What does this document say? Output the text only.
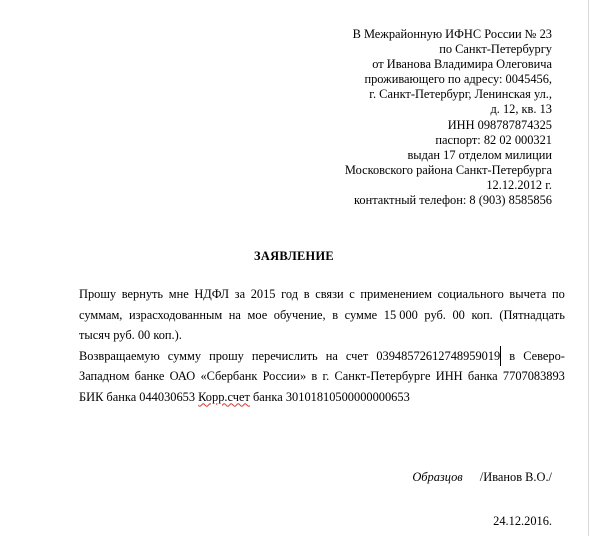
В Межрайонную ИФНС России № 23
по Санкт-Петербургу
от Иванова Владимира Олеговича
проживающего по адресу: 0045456,
г. Санкт-Петербург, Ленинская ул.,
д. 12, кв. 13
ИНН 098787874325
паспорт: 82 02 000321
выдан 17 отделом милиции
Московского района Санкт-Петербурга
12.12.2012 г.
контактный телефон: 8 (903) 8585856
ЗАЯВЛЕНИЕ
Прошу вернуть мне НДФЛ за 2015 год в связи с применением социального вычета по
суммам, израсходованным на мое обучение, в сумме 15 000 руб. 00 коп. (Пятнадцать
тысяч руб. 00 коп.).
Возвращаемую сумму прошу перечислить на счет 03948572612748959019 в Северо-
Западном банке ОАО «Сбербанк России» в г. Санкт-Петербурге ИНН банка 7707083893
БИК банка 044030653 Корр.счет банка 30101810500000000653
Образцов /Иванов В.О./
24.12.2016.
